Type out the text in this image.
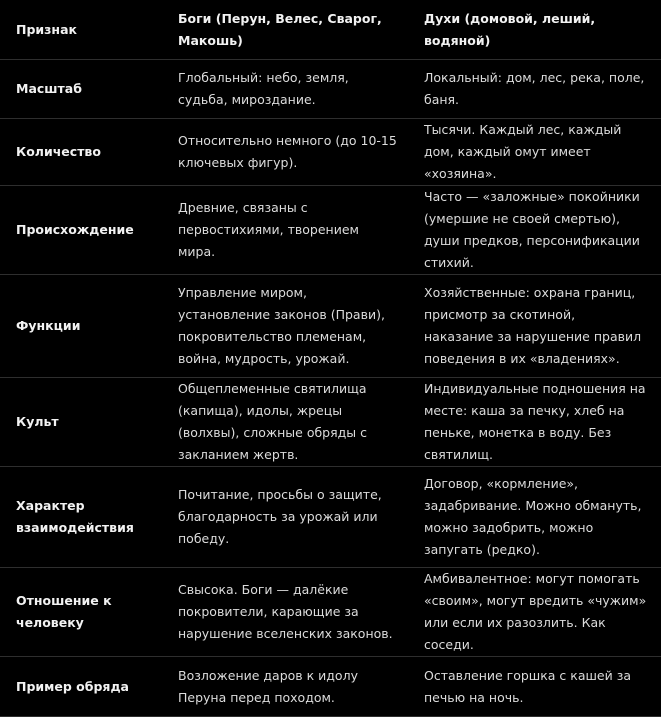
Признак	Боги (Перун, Велес, Сварог, Макошь)	Духи (домовой, леший, водяной)
Масштаб	Глобальный: небо, земля, судьба, мироздание.	Локальный: дом, лес, река, поле, баня.
Количество	Относительно немного (до 10-15 ключевых фигур).	Тысячи. Каждый лес, каждый дом, каждый омут имеет «хозяина».
Происхождение	Древние, связаны с первостихиями, творением мира.	Часто — «заложные» покойники (умершие не своей смертью), души предков, персонификации стихий.
Функции	Управление миром, установление законов (Прави), покровительство племенам, война, мудрость, урожай.	Хозяйственные: охрана границ, присмотр за скотиной, наказание за нарушение правил поведения в их «владениях».
Культ	Общеплеменные святилища (капища), идолы, жрецы (волхвы), сложные обряды с закланием жертв.	Индивидуальные подношения на месте: каша за печку, хлеб на пеньке, монетка в воду. Без святилищ.
Характер взаимодействия	Почитание, просьбы о защите, благодарность за урожай или победу.	Договор, «кормление», задабривание. Можно обмануть, можно задобрить, можно запугать (редко).
Отношение к человеку	Свысока. Боги — далёкие покровители, карающие за нарушение вселенских законов.	Амбивалентное: могут помогать «своим», могут вредить «чужим» или если их разозлить. Как соседи.
Пример обряда	Возложение даров к идолу Перуна перед походом.	Оставление горшка с кашей за печью на ночь.
